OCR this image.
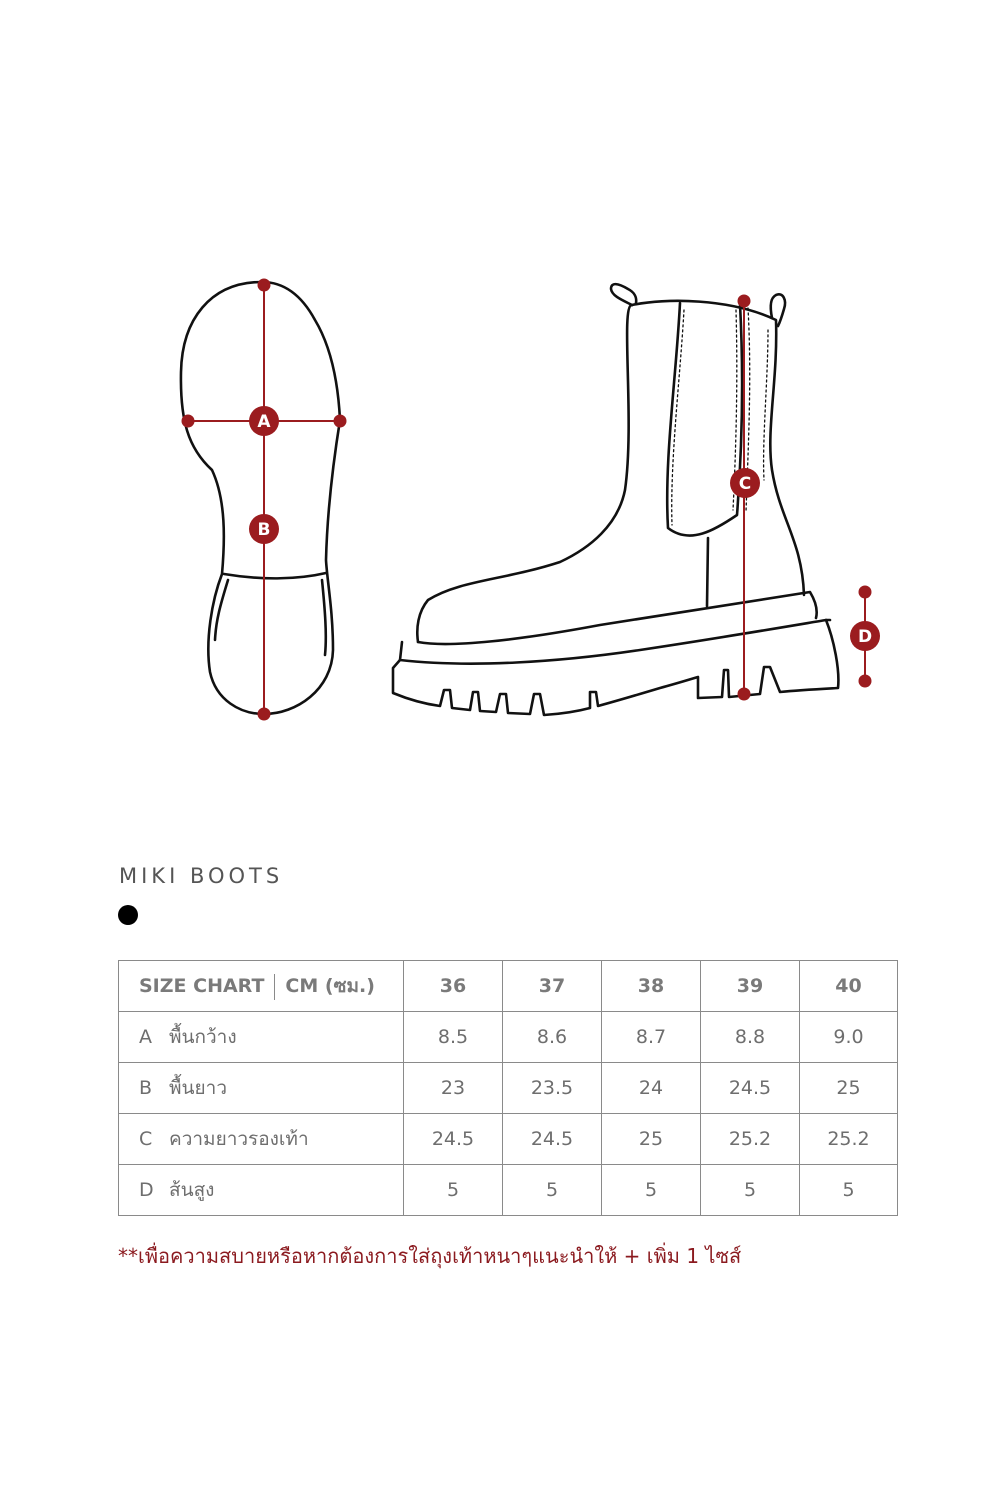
A
B
C
D
MIKI BOOTS
SIZE CHART CM (ซม.)	36	37	38	39	40
A พื้นกว้าง	8.5	8.6	8.7	8.8	9.0
B พื้นยาว	23	23.5	24	24.5	25
C ความยาวรองเท้า	24.5	24.5	25	25.2	25.2
D ส้นสูง	5	5	5	5	5
**เพื่อความสบายหรือหากต้องการใส่ถุงเท้าหนาๆแนะนำให้ + เพิ่ม 1 ไซส์
